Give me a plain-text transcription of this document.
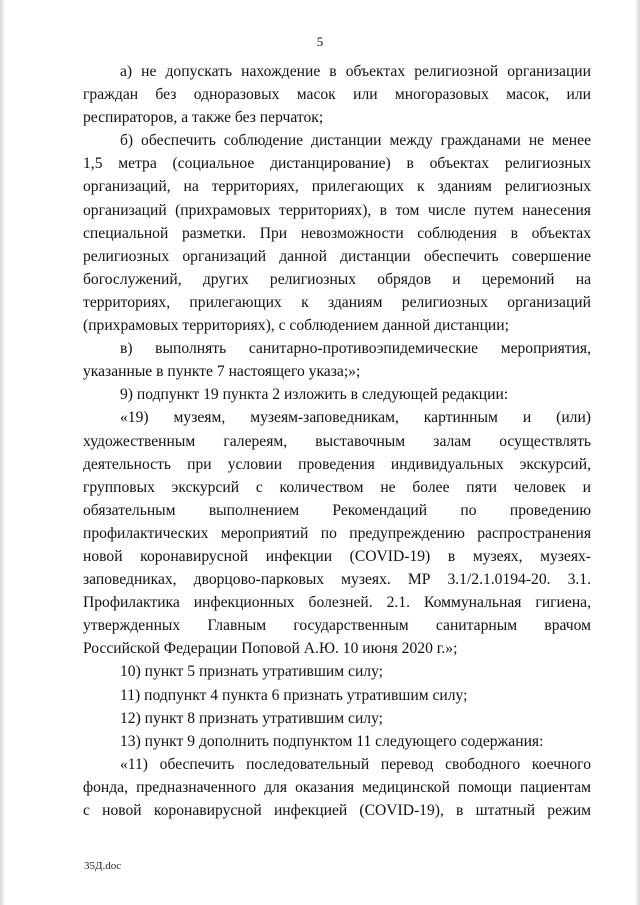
5
а) не допускать нахождение в объектах религиозной организации
граждан без одноразовых масок или многоразовых масок, или
респираторов, а также без перчаток;
б) обеспечить соблюдение дистанции между гражданами не менее
1,5 метра (социальное дистанцирование) в объектах религиозных
организаций, на территориях, прилегающих к зданиям религиозных
организаций (прихрамовых территориях), в том числе путем нанесения
специальной разметки. При невозможности соблюдения в объектах
религиозных организаций данной дистанции обеспечить совершение
богослужений, других религиозных обрядов и церемоний на
территориях, прилегающих к зданиям религиозных организаций
(прихрамовых территориях), с соблюдением данной дистанции;
в) выполнять санитарно-противоэпидемические мероприятия,
указанные в пункте 7 настоящего указа;»;
9) подпункт 19 пункта 2 изложить в следующей редакции:
«19) музеям, музеям-заповедникам, картинным и (или)
художественным галереям, выставочным залам осуществлять
деятельность при условии проведения индивидуальных экскурсий,
групповых экскурсий с количеством не более пяти человек и
обязательным выполнением Рекомендаций по проведению
профилактических мероприятий по предупреждению распространения
новой коронавирусной инфекции (COVID-19) в музеях, музеях-
заповедниках, дворцово-парковых музеях. МР 3.1/2.1.0194-20. 3.1.
Профилактика инфекционных болезней. 2.1. Коммунальная гигиена,
утвержденных Главным государственным санитарным врачом
Российской Федерации Поповой А.Ю. 10 июня 2020 г.»;
10) пункт 5 признать утратившим силу;
11) подпункт 4 пункта 6 признать утратившим силу;
12) пункт 8 признать утратившим силу;
13) пункт 9 дополнить подпунктом 11 следующего содержания:
«11) обеспечить последовательный перевод свободного коечного
фонда, предназначенного для оказания медицинской помощи пациентам
с новой коронавирусной инфекцией (COVID-19), в штатный режим
35Д.doc
